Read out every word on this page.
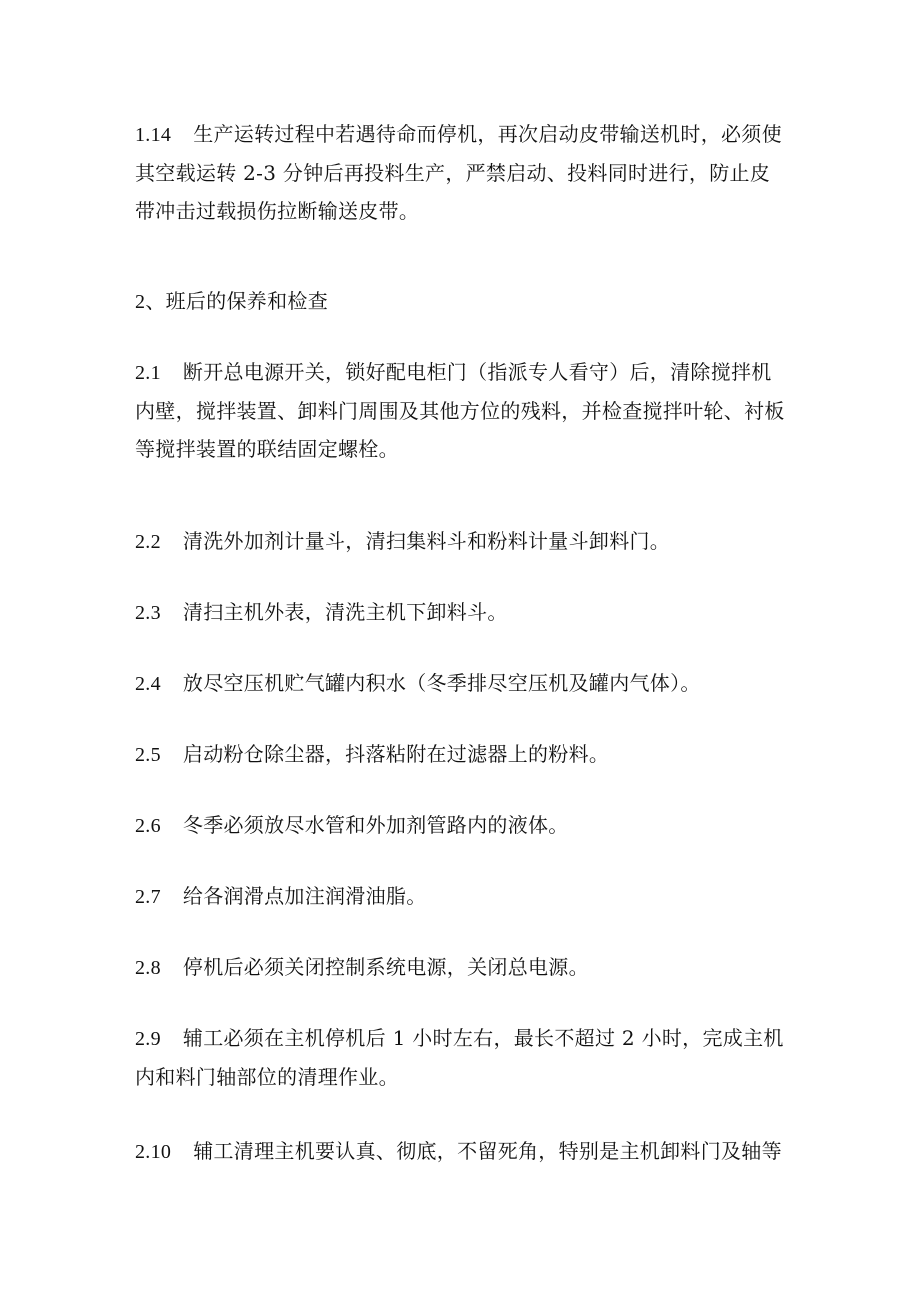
1.14 生产运转过程中若遇待命而停机，再次启动皮带输送机时，必须使其空载运转 2-3 分钟后再投料生产，严禁启动、投料同时进行，防止皮带冲击过载损伤拉断输送皮带。

2、班后的保养和检查

2.1 断开总电源开关，锁好配电柜门（指派专人看守）后，清除搅拌机内壁，搅拌装置、卸料门周围及其他方位的残料，并检查搅拌叶轮、衬板等搅拌装置的联结固定螺栓。

2.2 清洗外加剂计量斗，清扫集料斗和粉料计量斗卸料门。

2.3 清扫主机外表，清洗主机下卸料斗。

2.4 放尽空压机贮气罐内积水（冬季排尽空压机及罐内气体）。

2.5 启动粉仓除尘器，抖落粘附在过滤器上的粉料。

2.6 冬季必须放尽水管和外加剂管路内的液体。

2.7 给各润滑点加注润滑油脂。

2.8 停机后必须关闭控制系统电源，关闭总电源。

2.9 辅工必须在主机停机后 1 小时左右，最长不超过 2 小时，完成主机内和料门轴部位的清理作业。

2.10 辅工清理主机要认真、彻底，不留死角，特别是主机卸料门及轴等
